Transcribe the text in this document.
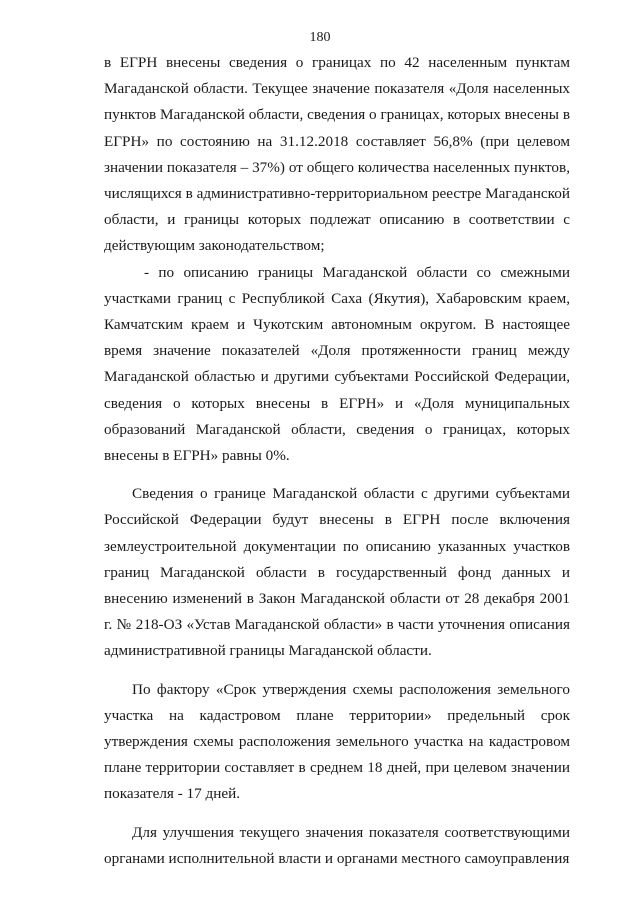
180

в ЕГРН внесены сведения о границах по 42 населенным пунктам Магаданской области. Текущее значение показателя «Доля населенных пунктов Магаданской области, сведения о границах, которых внесены в ЕГРН» по состоянию на 31.12.2018 составляет 56,8% (при целевом значении показателя – 37%) от общего количества населенных пунктов, числящихся в административно-территориальном реестре Магаданской области, и границы которых подлежат описанию в соответствии с действующим законодательством;

- по описанию границы Магаданской области со смежными участками границ с Республикой Саха (Якутия), Хабаровским краем, Камчатским краем и Чукотским автономным округом. В настоящее время значение показателей «Доля протяженности границ между Магаданской областью и другими субъектами Российской Федерации, сведения о которых внесены в ЕГРН» и «Доля муниципальных образований Магаданской области, сведения о границах, которых внесены в ЕГРН» равны 0%.

Сведения о границе Магаданской области с другими субъектами Российской Федерации будут внесены в ЕГРН после включения землеустроительной документации по описанию указанных участков границ Магаданской области в государственный фонд данных и внесению изменений в Закон Магаданской области от 28 декабря 2001 г. № 218-ОЗ «Устав Магаданской области» в части уточнения описания административной границы Магаданской области.

По фактору «Срок утверждения схемы расположения земельного участка на кадастровом плане территории» предельный срок утверждения схемы расположения земельного участка на кадастровом плане территории составляет в среднем 18 дней, при целевом значении показателя - 17 дней.

Для улучшения текущего значения показателя соответствующими органами исполнительной власти и органами местного самоуправления
